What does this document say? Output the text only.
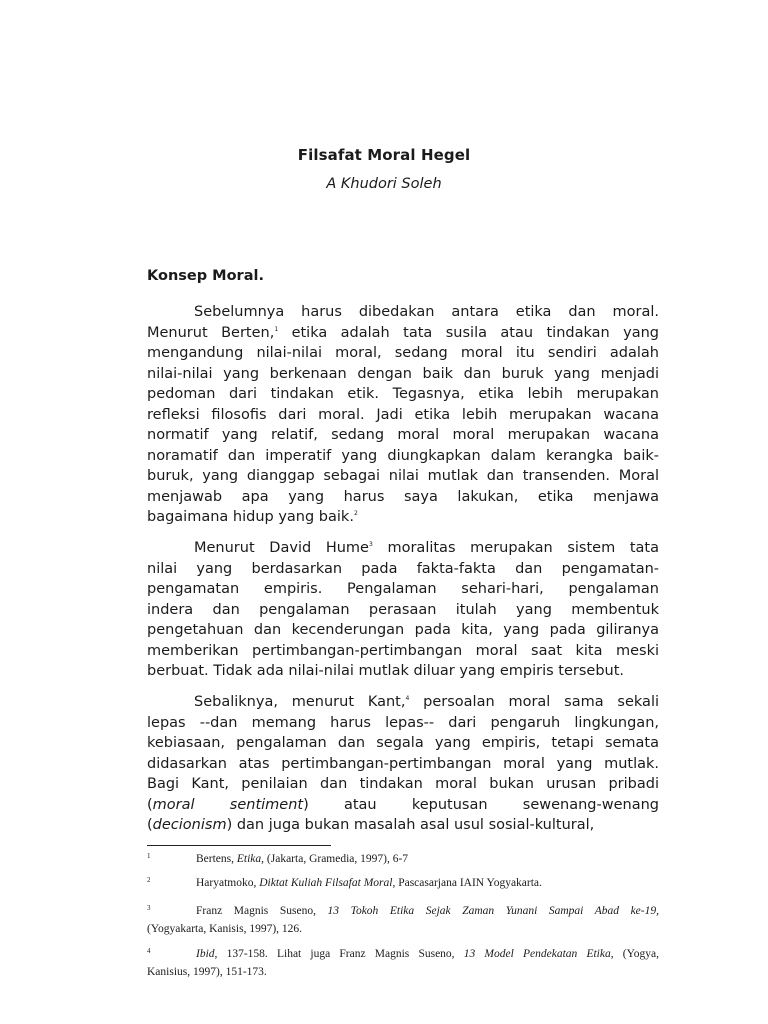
Filsafat Moral Hegel
A Khudori Soleh
Konsep Moral.
Sebelumnya harus dibedakan antara etika dan moral.
Menurut Berten,$^1$ etika adalah tata susila atau tindakan yang
mengandung nilai-nilai moral, sedang moral itu sendiri adalah
nilai-nilai yang berkenaan dengan baik dan buruk yang menjadi
pedoman dari tindakan etik. Tegasnya, etika lebih merupakan
refleksi filosofis dari moral. Jadi etika lebih merupakan wacana
normatif yang relatif, sedang moral moral merupakan wacana
noramatif dan imperatif yang diungkapkan dalam kerangka baik-
buruk, yang dianggap sebagai nilai mutlak dan transenden. Moral
menjawab apa yang harus saya lakukan, etika menjawa
bagaimana hidup yang baik.$^2$
Menurut David Hume$^3$ moralitas merupakan sistem tata
nilai yang berdasarkan pada fakta-fakta dan pengamatan-
pengamatan empiris. Pengalaman sehari-hari, pengalaman
indera dan pengalaman perasaan itulah yang membentuk
pengetahuan dan kecenderungan pada kita, yang pada giliranya
memberikan pertimbangan-pertimbangan moral saat kita meski
berbuat. Tidak ada nilai-nilai mutlak diluar yang empiris tersebut.
Sebaliknya, menurut Kant,$^4$ persoalan moral sama sekali
lepas --dan memang harus lepas-- dari pengaruh lingkungan,
kebiasaan, pengalaman dan segala yang empiris, tetapi semata
didasarkan atas pertimbangan-pertimbangan moral yang mutlak.
Bagi Kant, penilaian dan tindakan moral bukan urusan pribadi
(moral sentiment) atau keputusan sewenang-wenang
(decionism) dan juga bukan masalah asal usul sosial-kultural,
1	Bertens, Etika, (Jakarta, Gramedia, 1997), 6-7
2	Haryatmoko, Diktat Kuliah Filsafat Moral, Pascasarjana IAIN Yogyakarta.
3	Franz Magnis Suseno, 13 Tokoh Etika Sejak Zaman Yunani Sampai Abad ke-19,
(Yogyakarta, Kanisis, 1997), 126.
4	Ibid, 137-158. Lihat juga Franz Magnis Suseno, 13 Model Pendekatan Etika, (Yogya,
Kanisius, 1997), 151-173.
